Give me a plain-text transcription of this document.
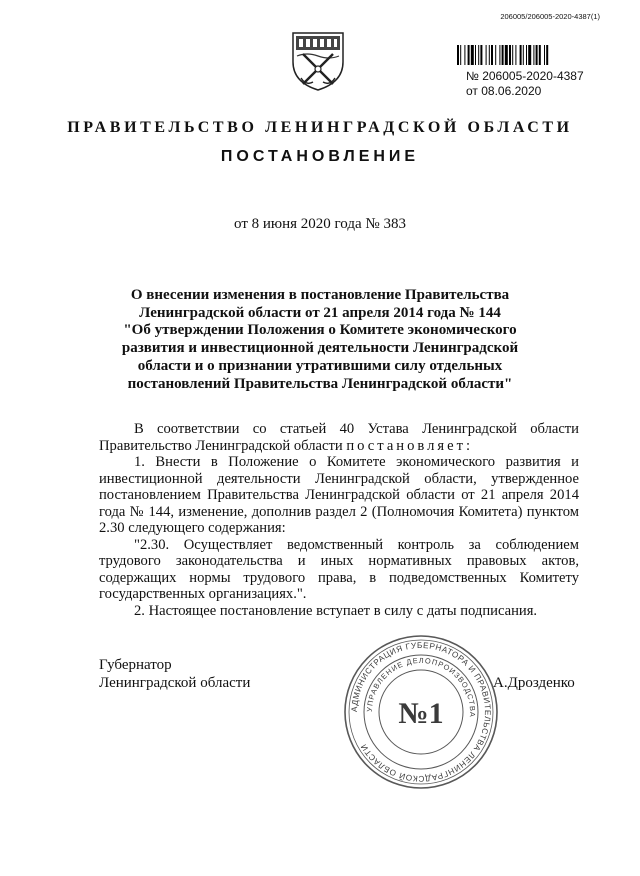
206005/206005-2020-4387(1)
№ 206005-2020-4387
от 08.06.2020
ПРАВИТЕЛЬСТВО ЛЕНИНГРАДСКОЙ ОБЛАСТИ
ПОСТАНОВЛЕНИЕ
от 8 июня 2020 года № 383
О внесении изменения в постановление Правительства
Ленинградской области от 21 апреля 2014 года № 144
"Об утверждении Положения о Комитете экономического
развития и инвестиционной деятельности Ленинградской
области и о признании утратившими силу отдельных
постановлений Правительства Ленинградской области"

В соответствии со статьей 40 Устава Ленинградской области Правительство Ленинградской области постановляет:

1. Внести в Положение о Комитете экономического развития и инвестиционной деятельности Ленинградской области, утвержденное постановлением Правительства Ленинградской области от 21 апреля 2014 года № 144, изменение, дополнив раздел 2 (Полномочия Комитета) пунктом 2.30 следующего содержания:

"2.30. Осуществляет ведомственный контроль за соблюдением трудового законодательства и иных нормативных правовых актов, содержащих нормы трудового права, в подведомственных Комитету государственных организациях.".

2. Настоящее постановление вступает в силу с даты подписания.

Губернатор
Ленинградской области	А.Дрозденко
АДМИНИСТРАЦИЯ ГУБЕРНАТОРА И ПРАВИТЕЛЬСТВА ЛЕНИНГРАДСКОЙ ОБЛАСТИ
УПРАВЛЕНИЕ ДЕЛОПРОИЗВОДСТВА
№1
